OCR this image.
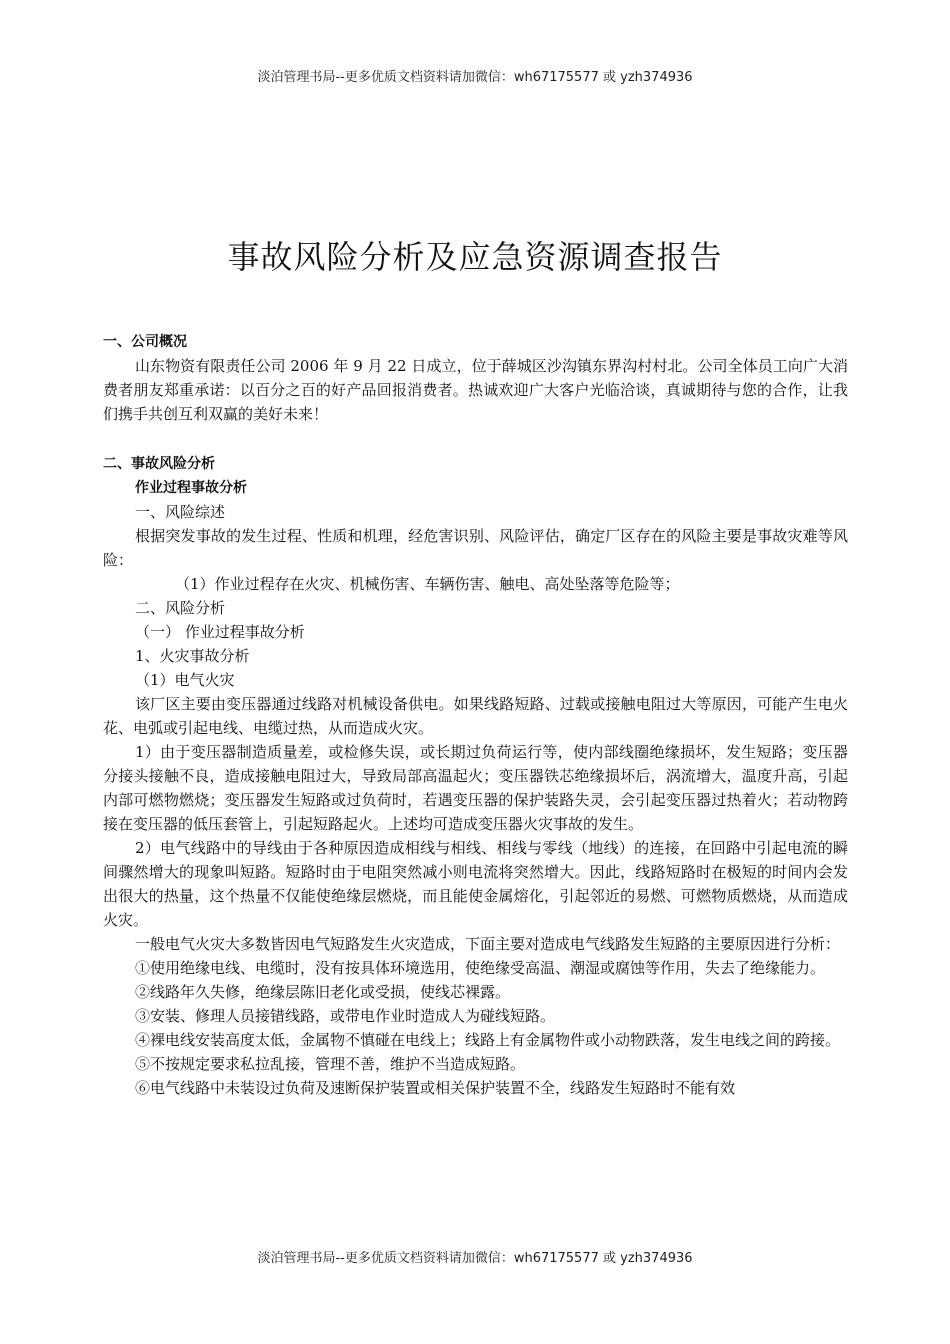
淡泊管理书局--更多优质文档资料请加微信：wh67175577 或 yzh374936
事故风险分析及应急资源调查报告
一、公司概况

山东物资有限责任公司 2006 年 9 月 22 日成立，位于薛城区沙沟镇东界沟村村北。公司全体员工向广大消费者朋友郑重承诺：以百分之百的好产品回报消费者。热诚欢迎广大客户光临洽谈，真诚期待与您的合作，让我们携手共创互利双赢的美好未来！

二、事故风险分析
作业过程事故分析

一、风险综述

根据突发事故的发生过程、性质和机理，经危害识别、风险评估，确定厂区存在的风险主要是事故灾难等风险：

（1）作业过程存在火灾、机械伤害、车辆伤害、触电、高处坠落等危险等；

二、风险分析

（一） 作业过程事故分析

1、火灾事故分析

（1）电气火灾

该厂区主要由变压器通过线路对机械设备供电。如果线路短路、过载或接触电阻过大等原因，可能产生电火花、电弧或引起电线、电缆过热，从而造成火灾。

1）由于变压器制造质量差，或检修失误，或长期过负荷运行等，使内部线圈绝缘损坏，发生短路；变压器分接头接触不良，造成接触电阻过大，导致局部高温起火；变压器铁芯绝缘损坏后，涡流增大，温度升高，引起内部可燃物燃烧；变压器发生短路或过负荷时，若遇变压器的保护装路失灵，会引起变压器过热着火；若动物跨接在变压器的低压套管上，引起短路起火。上述均可造成变压器火灾事故的发生。

2）电气线路中的导线由于各种原因造成相线与相线、相线与零线（地线）的连接，在回路中引起电流的瞬间骤然增大的现象叫短路。短路时由于电阻突然减小则电流将突然增大。因此，线路短路时在极短的时间内会发出很大的热量，这个热量不仅能使绝缘层燃烧，而且能使金属熔化，引起邻近的易燃、可燃物质燃烧，从而造成火灾。

一般电气火灾大多数皆因电气短路发生火灾造成，下面主要对造成电气线路发生短路的主要原因进行分析：

①使用绝缘电线、电缆时，没有按具体环境选用，使绝缘受高温、潮湿或腐蚀等作用，失去了绝缘能力。

②线路年久失修，绝缘层陈旧老化或受损，使线芯裸露。

③安装、修理人员接错线路，或带电作业时造成人为碰线短路。

④裸电线安装高度太低，金属物不慎碰在电线上；线路上有金属物件或小动物跌落，发生电线之间的跨接。

⑤不按规定要求私拉乱接，管理不善，维护不当造成短路。

⑥电气线路中未装设过负荷及速断保护装置或相关保护装置不全，线路发生短路时不能有效

淡泊管理书局--更多优质文档资料请加微信：wh67175577 或 yzh374936
